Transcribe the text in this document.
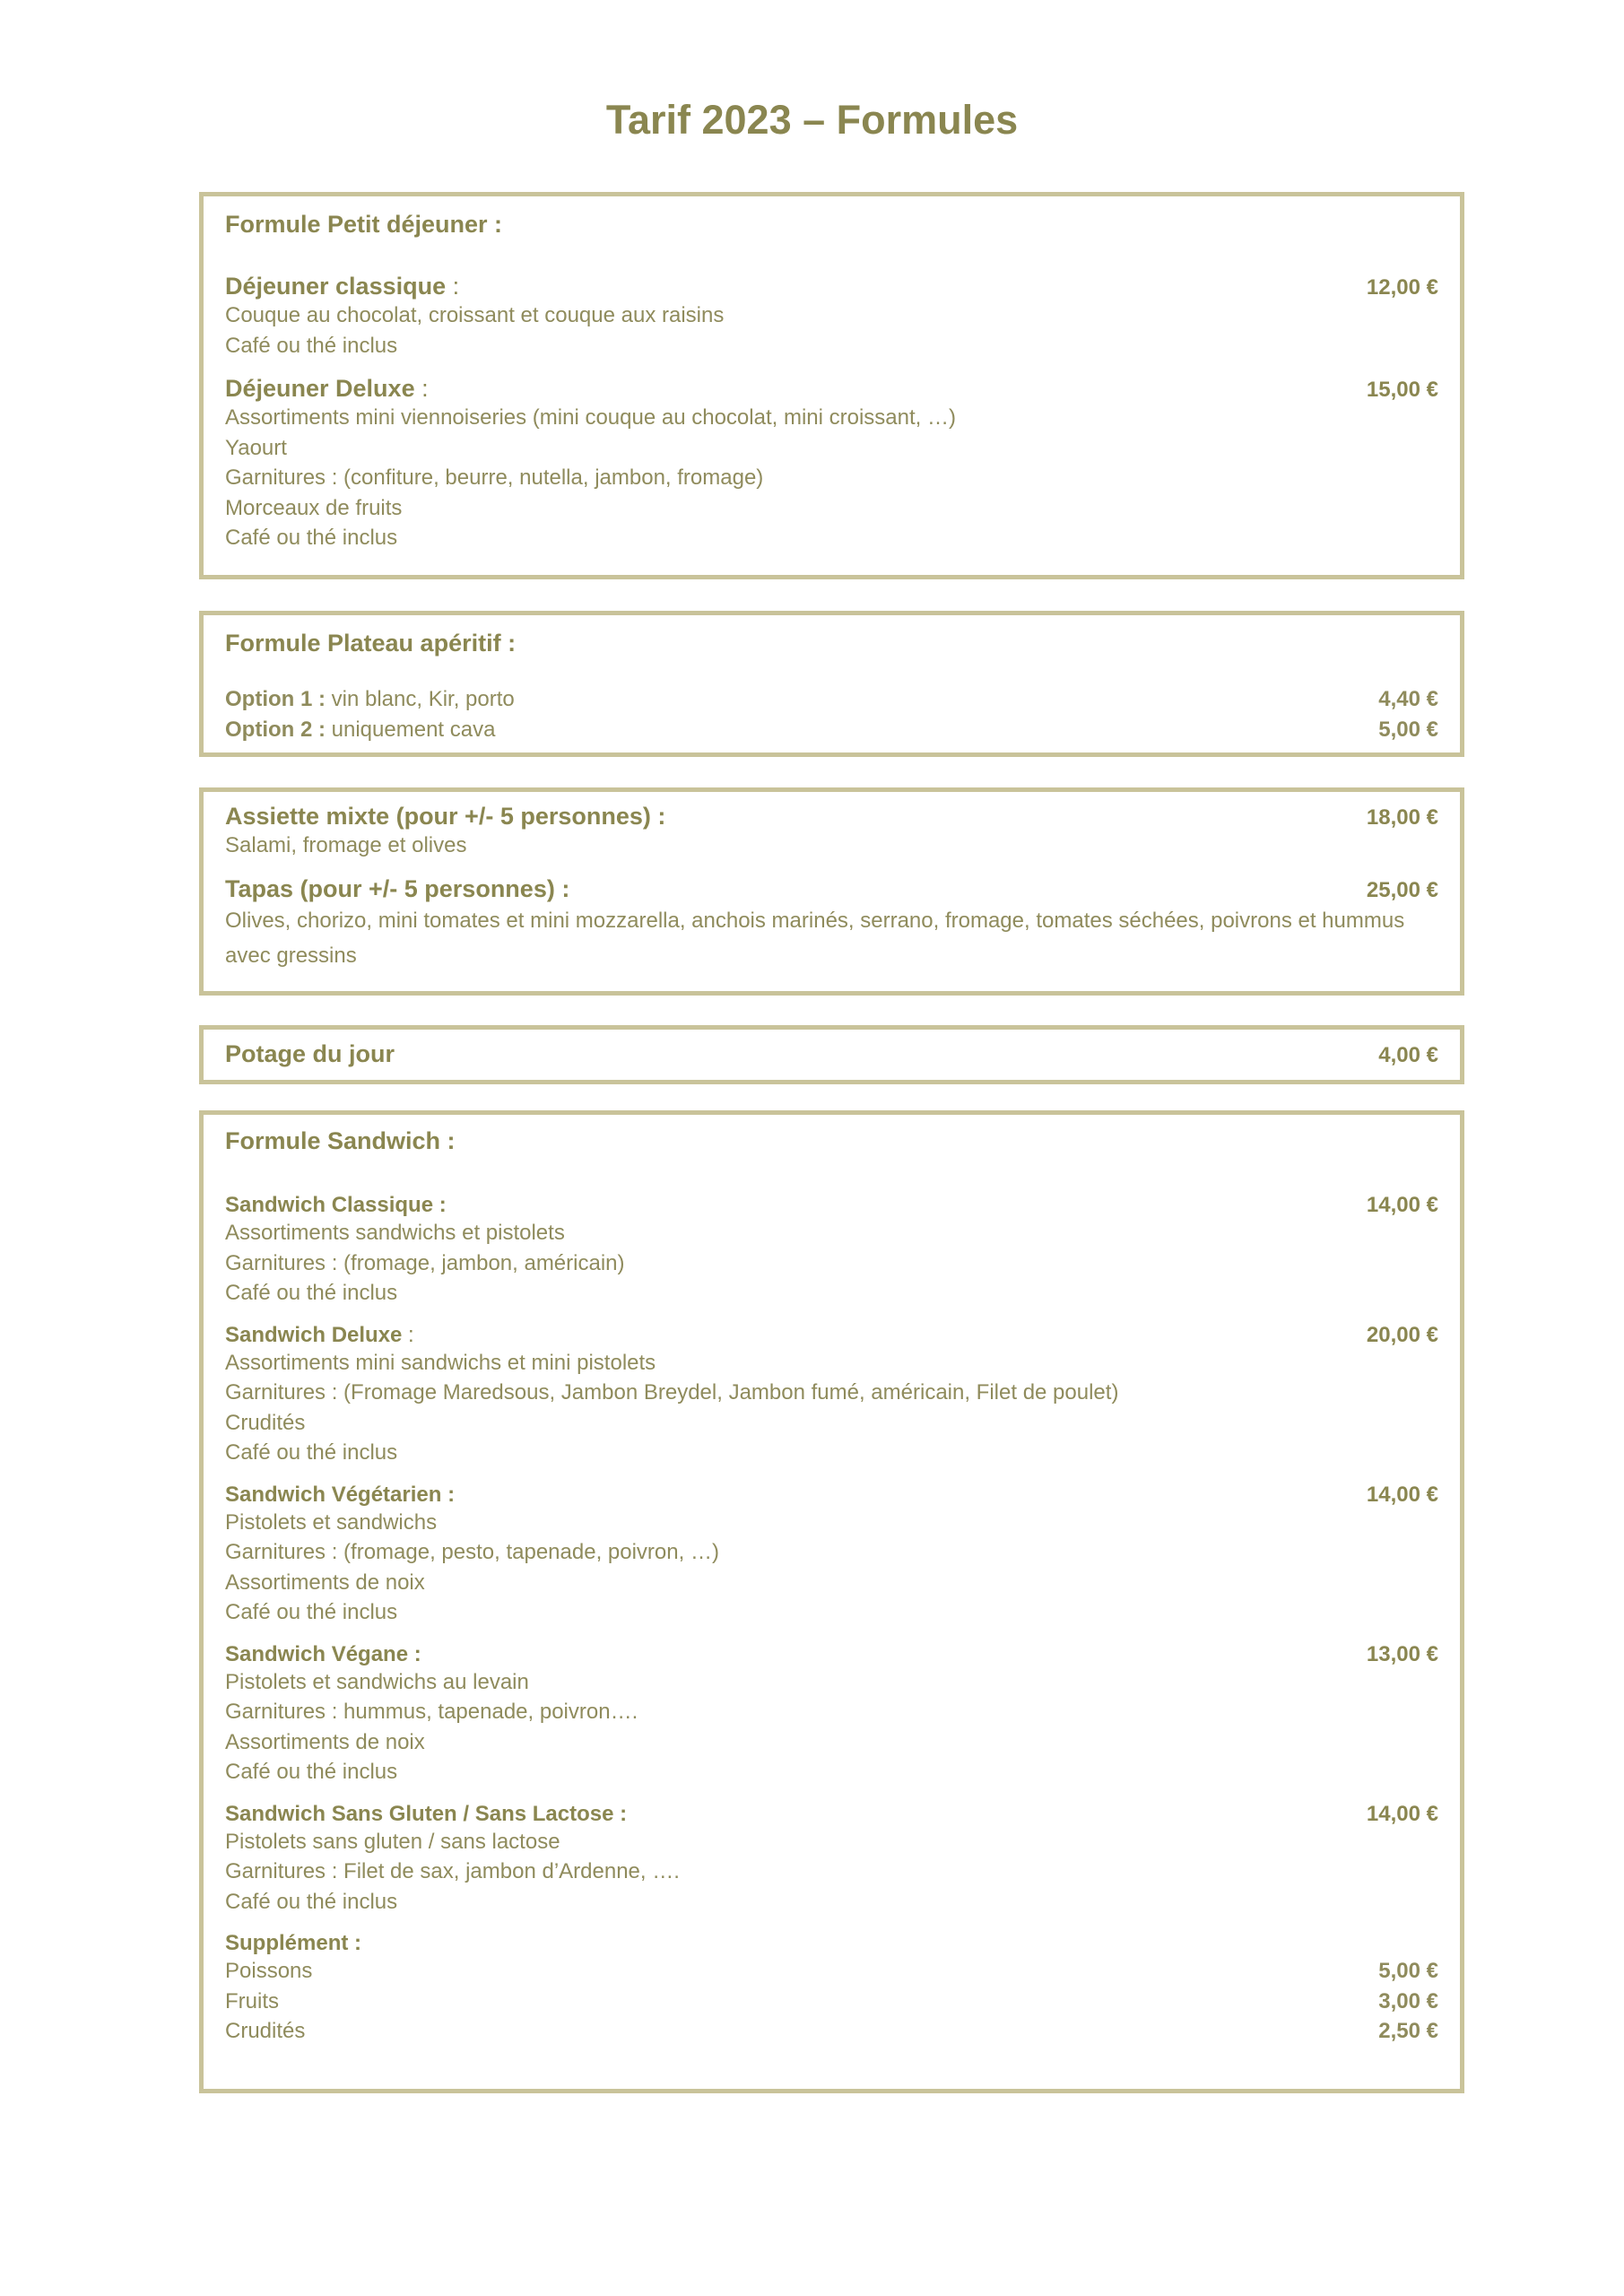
Tarif 2023 – Formules
Formule Petit déjeuner :
Déjeuner classique :	12,00 €
Couque au chocolat, croissant et couque aux raisins
Café ou thé inclus
Déjeuner Deluxe :	15,00 €
Assortiments mini viennoiseries (mini couque au chocolat, mini croissant, …)
Yaourt
Garnitures : (confiture, beurre, nutella, jambon, fromage)
Morceaux de fruits
Café ou thé inclus
Formule Plateau apéritif :
Option 1 : vin blanc, Kir, porto	4,40 €
Option 2 : uniquement cava	5,00 €
Assiette mixte (pour +/- 5 personnes) :	18,00 €
Salami, fromage et olives
Tapas (pour +/- 5 personnes) :	25,00 €
Olives, chorizo, mini tomates et mini mozzarella, anchois marinés, serrano, fromage, tomates séchées, poivrons et hummus
avec gressins
Potage du jour	4,00 €
Formule Sandwich :
Sandwich Classique :	14,00 €
Assortiments sandwichs et pistolets
Garnitures : (fromage, jambon, américain)
Café ou thé inclus
Sandwich Deluxe :	20,00 €
Assortiments mini sandwichs et mini pistolets
Garnitures : (Fromage Maredsous, Jambon Breydel, Jambon fumé, américain, Filet de poulet)
Crudités
Café ou thé inclus
Sandwich Végétarien :	14,00 €
Pistolets et sandwichs
Garnitures : (fromage, pesto, tapenade, poivron, …)
Assortiments de noix
Café ou thé inclus
Sandwich Végane :	13,00 €
Pistolets et sandwichs au levain
Garnitures : hummus, tapenade, poivron….
Assortiments de noix
Café ou thé inclus
Sandwich Sans Gluten / Sans Lactose :	14,00 €
Pistolets sans gluten / sans lactose
Garnitures : Filet de sax, jambon d’Ardenne, ….
Café ou thé inclus
Supplément :
Poissons	5,00 €
Fruits	3,00 €
Crudités	2,50 €
